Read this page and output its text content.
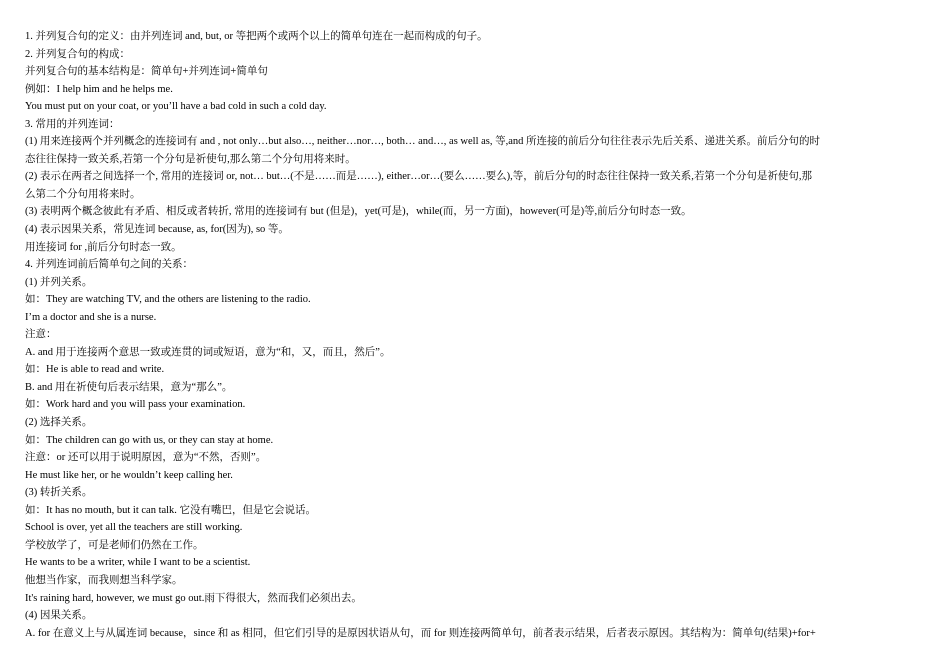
1. 并列复合句的定义：由并列连词 and, but, or 等把两个或两个以上的简单句连在一起而构成的句子。
2. 并列复合句的构成：
并列复合句的基本结构是：简单句+并列连词+简单句
例如：I help him and he helps me.
You must put on your coat, or you’ll have a bad cold in such a cold day.
3. 常用的并列连词：
(1) 用来连接两个并列概念的连接词有 and , not only…but also…, neither…nor…, both… and…, as well as, 等,and 所连接的前后分句往往表示先后关系、递进关系。前后分句的时
态往往保持一致关系,若第一个分句是祈使句,那么第二个分句用将来时。
(2) 表示在两者之间选择一个, 常用的连接词 or, not… but…(不是……而是……), either…or…(要么……要么),等，前后分句的时态往往保持一致关系,若第一个分句是祈使句,那
么第二个分句用将来时。
(3) 表明两个概念彼此有矛盾、相反或者转折, 常用的连接词有 but (但是)，yet(可是)，while(而，另一方面)，however(可是)等,前后分句时态一致。
(4) 表示因果关系，常见连词 because, as, for(因为), so 等。
用连接词 for ,前后分句时态一致。
4. 并列连词前后简单句之间的关系：
(1) 并列关系。
如：They are watching TV, and the others are listening to the radio.
I’m a doctor and she is a nurse.
注意：
A. and 用于连接两个意思一致或连贯的词或短语，意为“和，又，而且，然后”。
如：He is able to read and write.
B. and 用在祈使句后表示结果，意为“那么”。
如：Work hard and you will pass your examination.
(2) 选择关系。
如：The children can go with us, or they can stay at home.
注意：or 还可以用于说明原因，意为“不然，否则”。
He must like her, or he wouldn’t keep calling her.
(3) 转折关系。
如：It has no mouth, but it can talk. 它没有嘴巴，但是它会说话。
School is over, yet all the teachers are still working.
学校放学了，可是老师们仍然在工作。
He wants to be a writer, while I want to be a scientist.
他想当作家，而我则想当科学家。
It's raining hard, however, we must go out.雨下得很大，然而我们必须出去。
(4) 因果关系。
A. for 在意义上与从属连词 because，since 和 as 相同，但它们引导的是原因状语从句，而 for 则连接两简单句，前者表示结果，后者表示原因。其结构为：简单句(结果)+for+
